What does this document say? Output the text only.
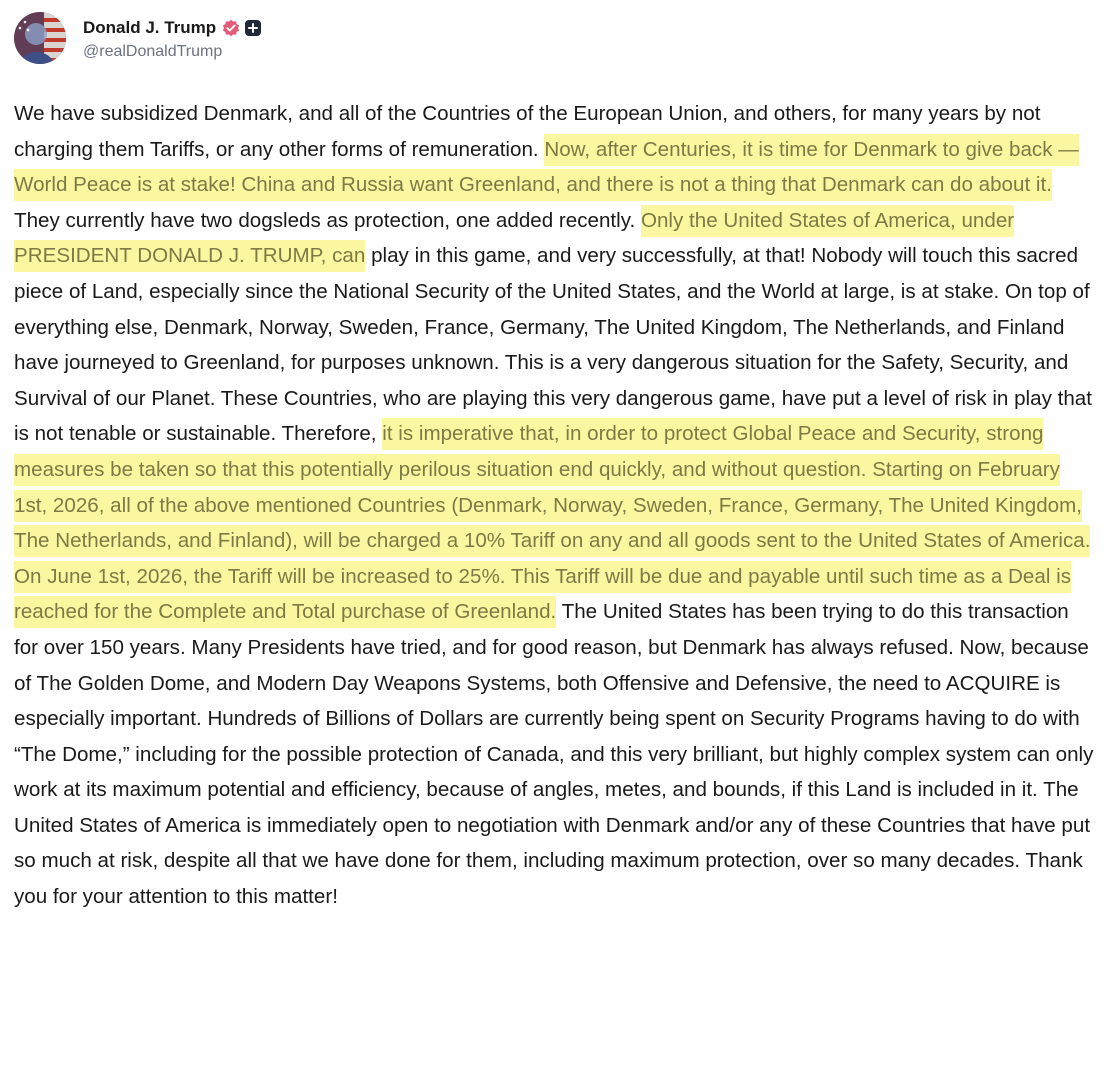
Donald J. Trump
@realDonaldTrump
We have subsidized Denmark, and all of the Countries of the European Union, and others, for many years by not charging them Tariffs, or any other forms of remuneration. Now, after Centuries, it is time for Denmark to give back — World Peace is at stake! China and Russia want Greenland, and there is not a thing that Denmark can do about it. They currently have two dogsleds as protection, one added recently. Only the United States of America, under PRESIDENT DONALD J. TRUMP, can play in this game, and very successfully, at that! Nobody will touch this sacred piece of Land, especially since the National Security of the United States, and the World at large, is at stake. On top of everything else, Denmark, Norway, Sweden, France, Germany, The United Kingdom, The Netherlands, and Finland have journeyed to Greenland, for purposes unknown. This is a very dangerous situation for the Safety, Security, and Survival of our Planet. These Countries, who are playing this very dangerous game, have put a level of risk in play that is not tenable or sustainable. Therefore, it is imperative that, in order to protect Global Peace and Security, strong measures be taken so that this potentially perilous situation end quickly, and without question. Starting on February 1st, 2026, all of the above mentioned Countries (Denmark, Norway, Sweden, France, Germany, The United Kingdom, The Netherlands, and Finland), will be charged a 10% Tariff on any and all goods sent to the United States of America. On June 1st, 2026, the Tariff will be increased to 25%. This Tariff will be due and payable until such time as a Deal is reached for the Complete and Total purchase of Greenland. The United States has been trying to do this transaction for over 150 years. Many Presidents have tried, and for good reason, but Denmark has always refused. Now, because of The Golden Dome, and Modern Day Weapons Systems, both Offensive and Defensive, the need to ACQUIRE is especially important. Hundreds of Billions of Dollars are currently being spent on Security Programs having to do with “The Dome,” including for the possible protection of Canada, and this very brilliant, but highly complex system can only work at its maximum potential and efficiency, because of angles, metes, and bounds, if this Land is included in it. The United States of America is immediately open to negotiation with Denmark and/or any of these Countries that have put so much at risk, despite all that we have done for them, including maximum protection, over so many decades. Thank you for your attention to this matter!
